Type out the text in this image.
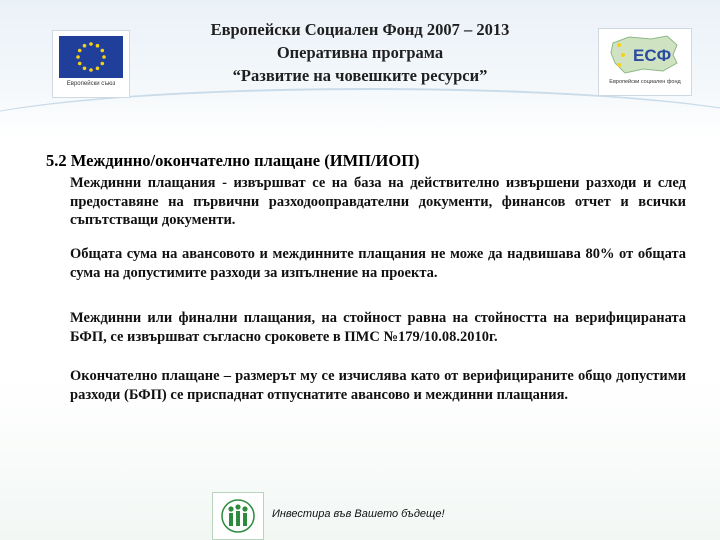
Европейски съюз
Европейски Социален Фонд 2007 – 2013
Оперативна програма
“Развитие на човешките ресурси”
ЕСФ
Европейски социален фонд
5.2 Междинно/окончателно плащане (ИМП/ИОП)
Междинни плащания - извършват се на база на действително извършени разходи и след предоставяне на първични разходооправдателни документи, финансов отчет и всички съпътстващи документи.
Общата сума на авансовото и междинните плащания не може да надвишава 80% от общата сума на допустимите разходи за изпълнение на проекта.
Междинни или финални плащания, на стойност равна на стойността на верифицираната БФП, се извършват съгласно сроковете в ПМС №179/10.08.2010г.
Окончателно плащане – размерът му се изчислява като от верифицираните общо допустими разходи (БФП) се приспаднат отпуснатите авансово и междинни плащания.
Инвестира във Вашето бъдеще!
